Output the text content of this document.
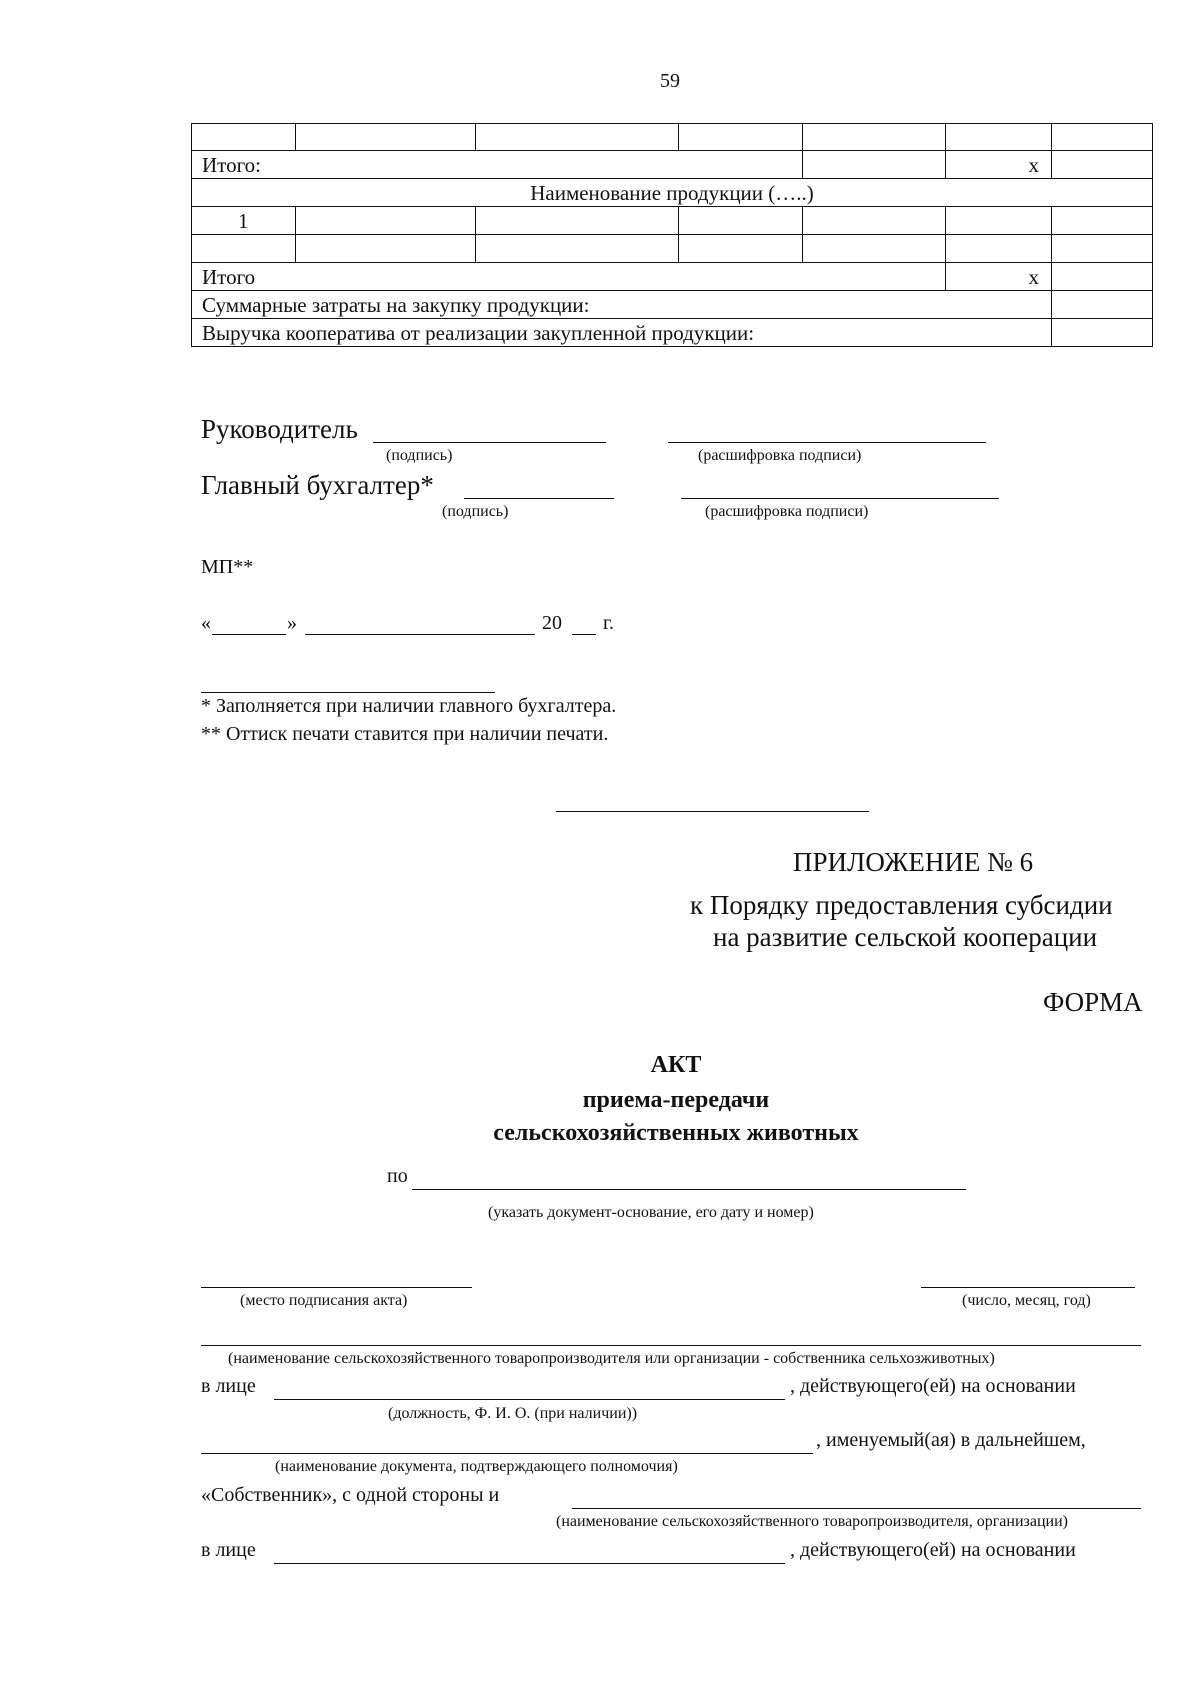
59

Итого:					x	
Наименование продукции (…..)						
1						

Итого					x	
Суммарные затраты на закупку продукции:						
Выручка кооператива от реализации закупленной продукции:						
Руководитель
(подпись)	(расшифровка подписи)
Главный бухгалтер*
(подпись)	(расшифровка подписи)
МП**
«	»	20 г.
* Заполняется при наличии главного бухгалтера.
** Оттиск печати ставится при наличии печати.
ПРИЛОЖЕНИЕ № 6
к Порядку предоставления субсидии
на развитие сельской кооперации
ФОРМА
АКТ
приема-передачи
сельскохозяйственных животных
по
(указать документ-основание, его дату и номер)
(место подписания акта)	(число, месяц, год)
(наименование сельскохозяйственного товаропроизводителя или организации - собственника сельхозживотных)
в лице	, действующего(ей) на основании
(должность, Ф. И. О. (при наличии))
, именуемый(ая) в дальнейшем,
(наименование документа, подтверждающего полномочия)
«Собственник», с одной стороны и
(наименование сельскохозяйственного товаропроизводителя, организации)
в лице	, действующего(ей) на основании
